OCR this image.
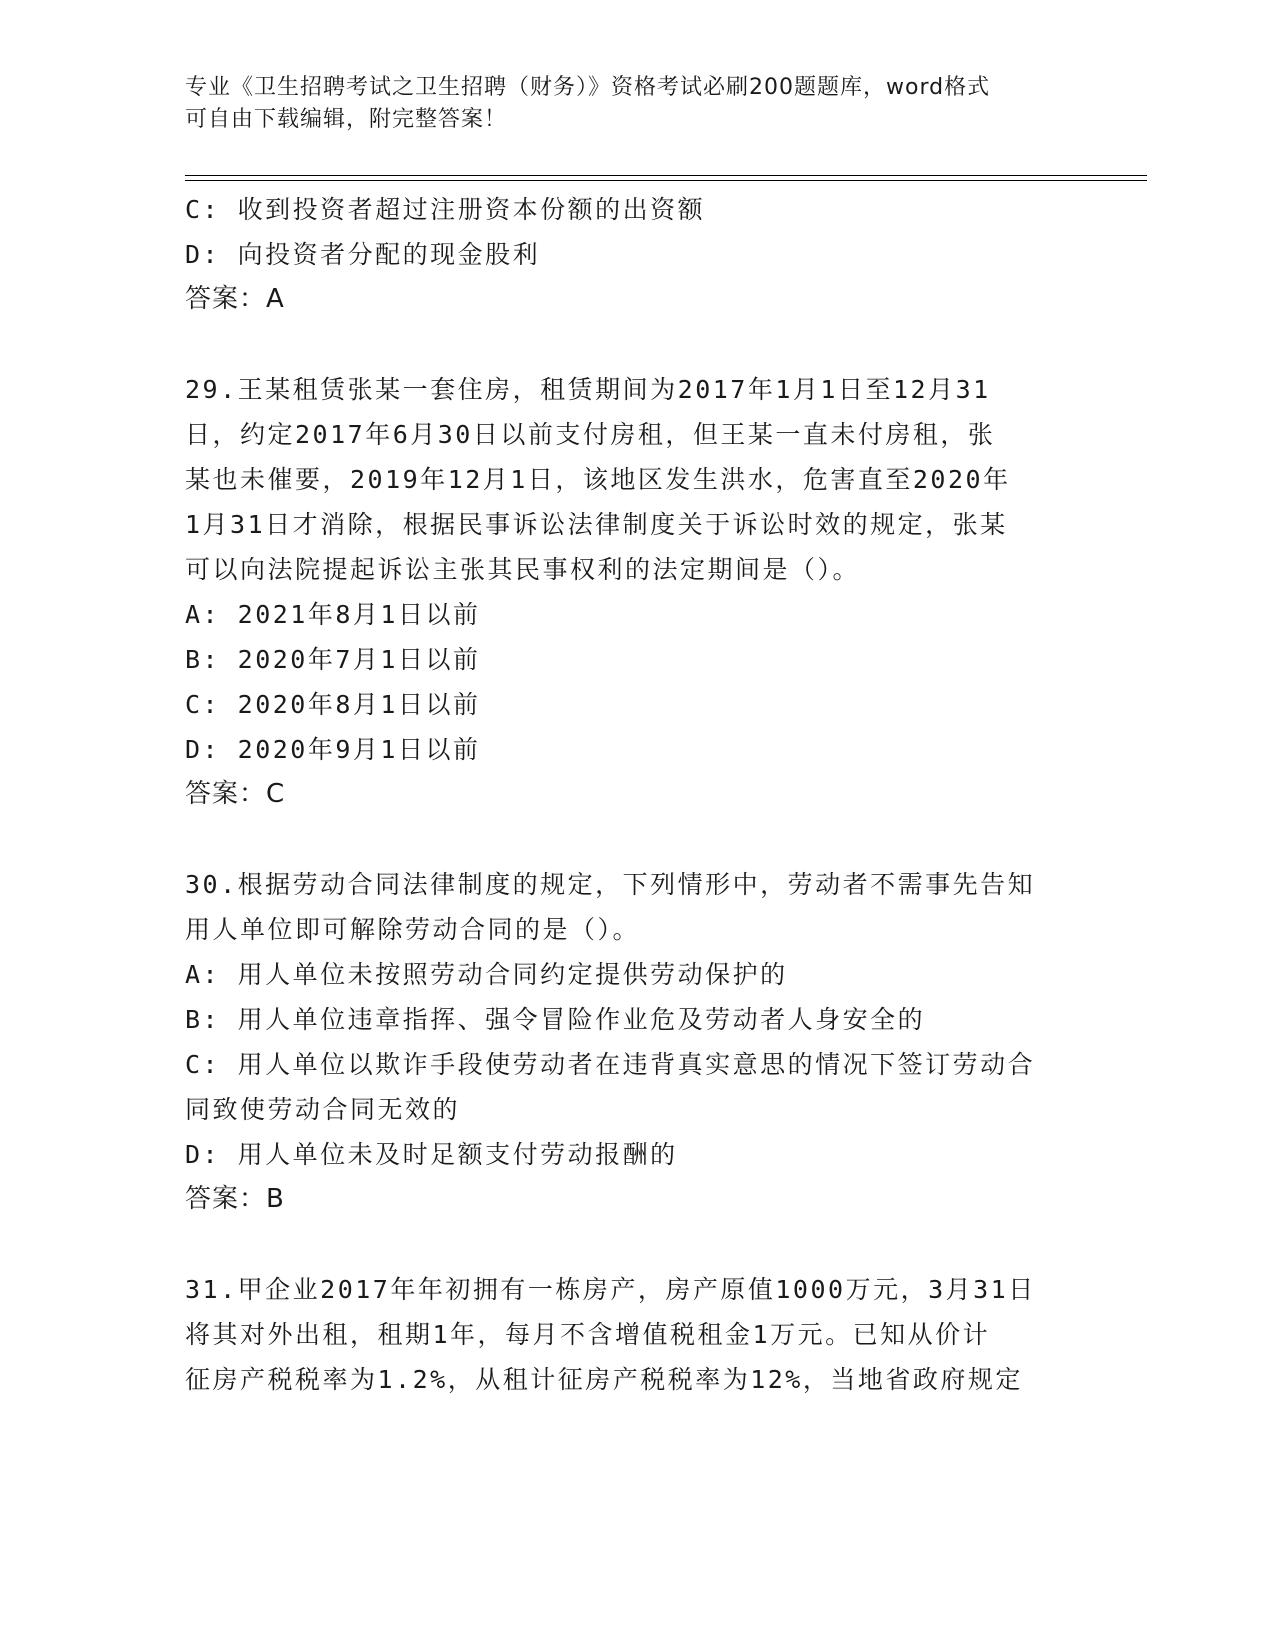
专业《卫生招聘考试之卫生招聘（财务）》资格考试必刷200题题库，word格式
可自由下载编辑，附完整答案！
C: 收到投资者超过注册资本份额的出资额
D: 向投资者分配的现金股利
答案：A
29.王某租赁张某一套住房，租赁期间为2017年1月1日至12月31
日，约定2017年6月30日以前支付房租，但王某一直未付房租，张
某也未催要，2019年12月1日，该地区发生洪水，危害直至2020年
1月31日才消除，根据民事诉讼法律制度关于诉讼时效的规定，张某
可以向法院提起诉讼主张其民事权利的法定期间是（）。
A: 2021年8月1日以前
B: 2020年7月1日以前
C: 2020年8月1日以前
D: 2020年9月1日以前
答案：C
30.根据劳动合同法律制度的规定，下列情形中，劳动者不需事先告知
用人单位即可解除劳动合同的是（）。
A: 用人单位未按照劳动合同约定提供劳动保护的
B: 用人单位违章指挥、强令冒险作业危及劳动者人身安全的
C: 用人单位以欺诈手段使劳动者在违背真实意思的情况下签订劳动合
同致使劳动合同无效的
D: 用人单位未及时足额支付劳动报酬的
答案：B
31.甲企业2017年年初拥有一栋房产，房产原值1000万元，3月31日
将其对外出租，租期1年，每月不含增值税租金1万元。已知从价计
征房产税税率为1.2%，从租计征房产税税率为12%，当地省政府规定
